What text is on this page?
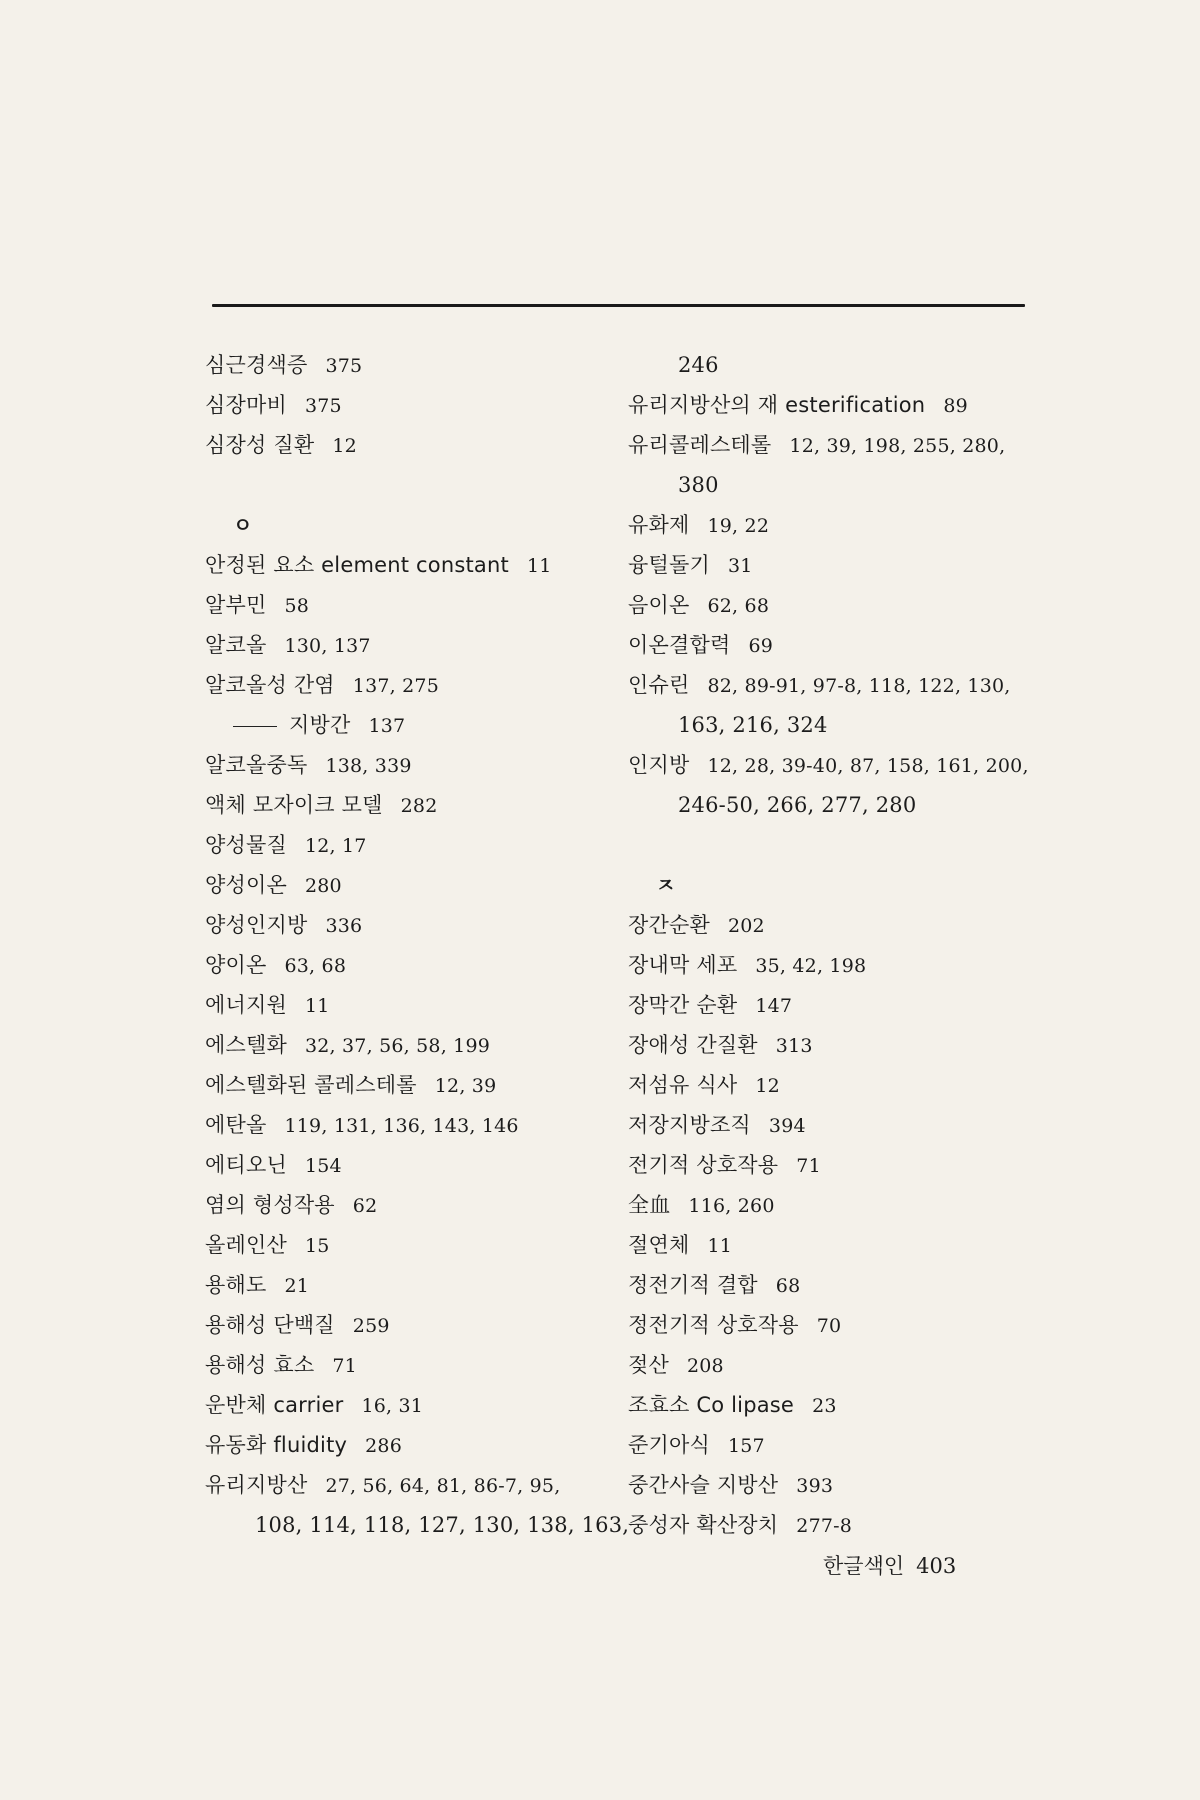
심근경색증 375
심장마비 375
심장성 질환 12
ㅇ
안정된 요소 element constant 11
알부민 58
알코올 130, 137
알코올성 간염 137, 275
지방간 137
알코올중독 138, 339
액체 모자이크 모델 282
양성물질 12, 17
양성이온 280
양성인지방 336
양이온 63, 68
에너지원 11
에스텔화 32, 37, 56, 58, 199
에스텔화된 콜레스테롤 12, 39
에탄올 119, 131, 136, 143, 146
에티오닌 154
염의 형성작용 62
올레인산 15
용해도 21
용해성 단백질 259
용해성 효소 71
운반체 carrier 16, 31
유동화 fluidity 286
유리지방산 27, 56, 64, 81, 86-7, 95,
108, 114, 118, 127, 130, 138, 163,
246
유리지방산의 재 esterification 89
유리콜레스테롤 12, 39, 198, 255, 280,
380
유화제 19, 22
융털돌기 31
음이온 62, 68
이온결합력 69
인슈린 82, 89-91, 97-8, 118, 122, 130,
163, 216, 324
인지방 12, 28, 39-40, 87, 158, 161, 200,
246-50, 266, 277, 280
ㅈ
장간순환 202
장내막 세포 35, 42, 198
장막간 순환 147
장애성 간질환 313
저섬유 식사 12
저장지방조직 394
전기적 상호작용 71
全血 116, 260
절연체 11
정전기적 결합 68
정전기적 상호작용 70
젖산 208
조효소 Co lipase 23
준기아식 157
중간사슬 지방산 393
중성자 확산장치 277-8
한글색인 403
